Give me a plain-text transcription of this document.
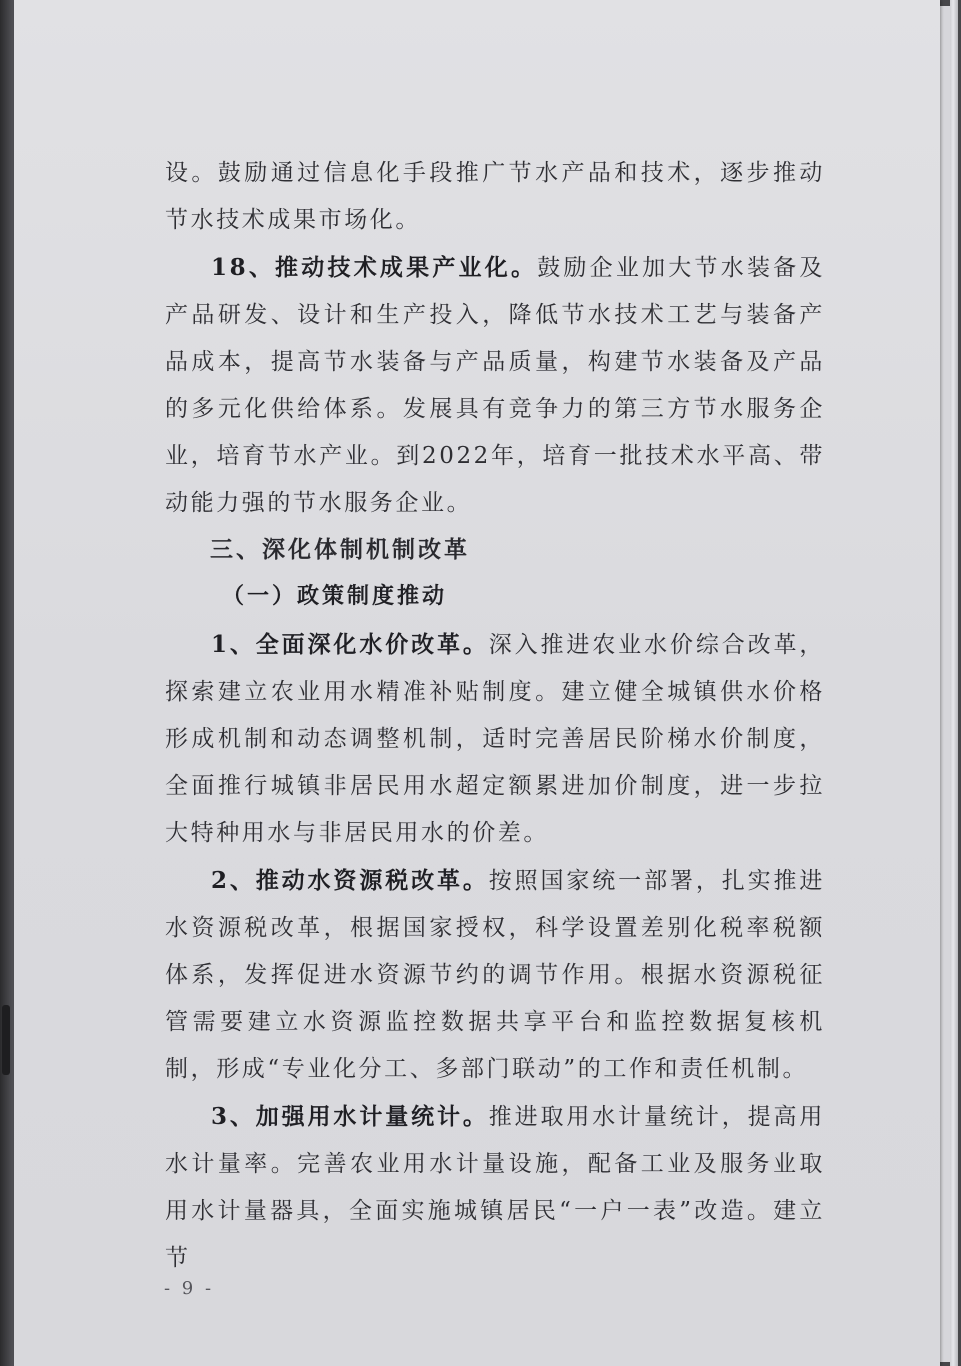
设。鼓励通过信息化手段推广节水产品和技术，逐步推动节水技术成果市场化。

18、推动技术成果产业化。鼓励企业加大节水装备及产品研发、设计和生产投入，降低节水技术工艺与装备产品成本，提高节水装备与产品质量，构建节水装备及产品的多元化供给体系。发展具有竞争力的第三方节水服务企业，培育节水产业。到2022年，培育一批技术水平高、带动能力强的节水服务企业。

三、深化体制机制改革
（一）政策制度推动

1、全面深化水价改革。深入推进农业水价综合改革，探索建立农业用水精准补贴制度。建立健全城镇供水价格形成机制和动态调整机制，适时完善居民阶梯水价制度，全面推行城镇非居民用水超定额累进加价制度，进一步拉大特种用水与非居民用水的价差。

2、推动水资源税改革。按照国家统一部署，扎实推进水资源税改革，根据国家授权，科学设置差别化税率税额体系，发挥促进水资源节约的调节作用。根据水资源税征管需要建立水资源监控数据共享平台和监控数据复核机制，形成“专业化分工、多部门联动”的工作和责任机制。

3、加强用水计量统计。推进取用水计量统计，提高用水计量率。完善农业用水计量设施，配备工业及服务业取用水计量器具，全面实施城镇居民“一户一表”改造。建立节

- 9 -
